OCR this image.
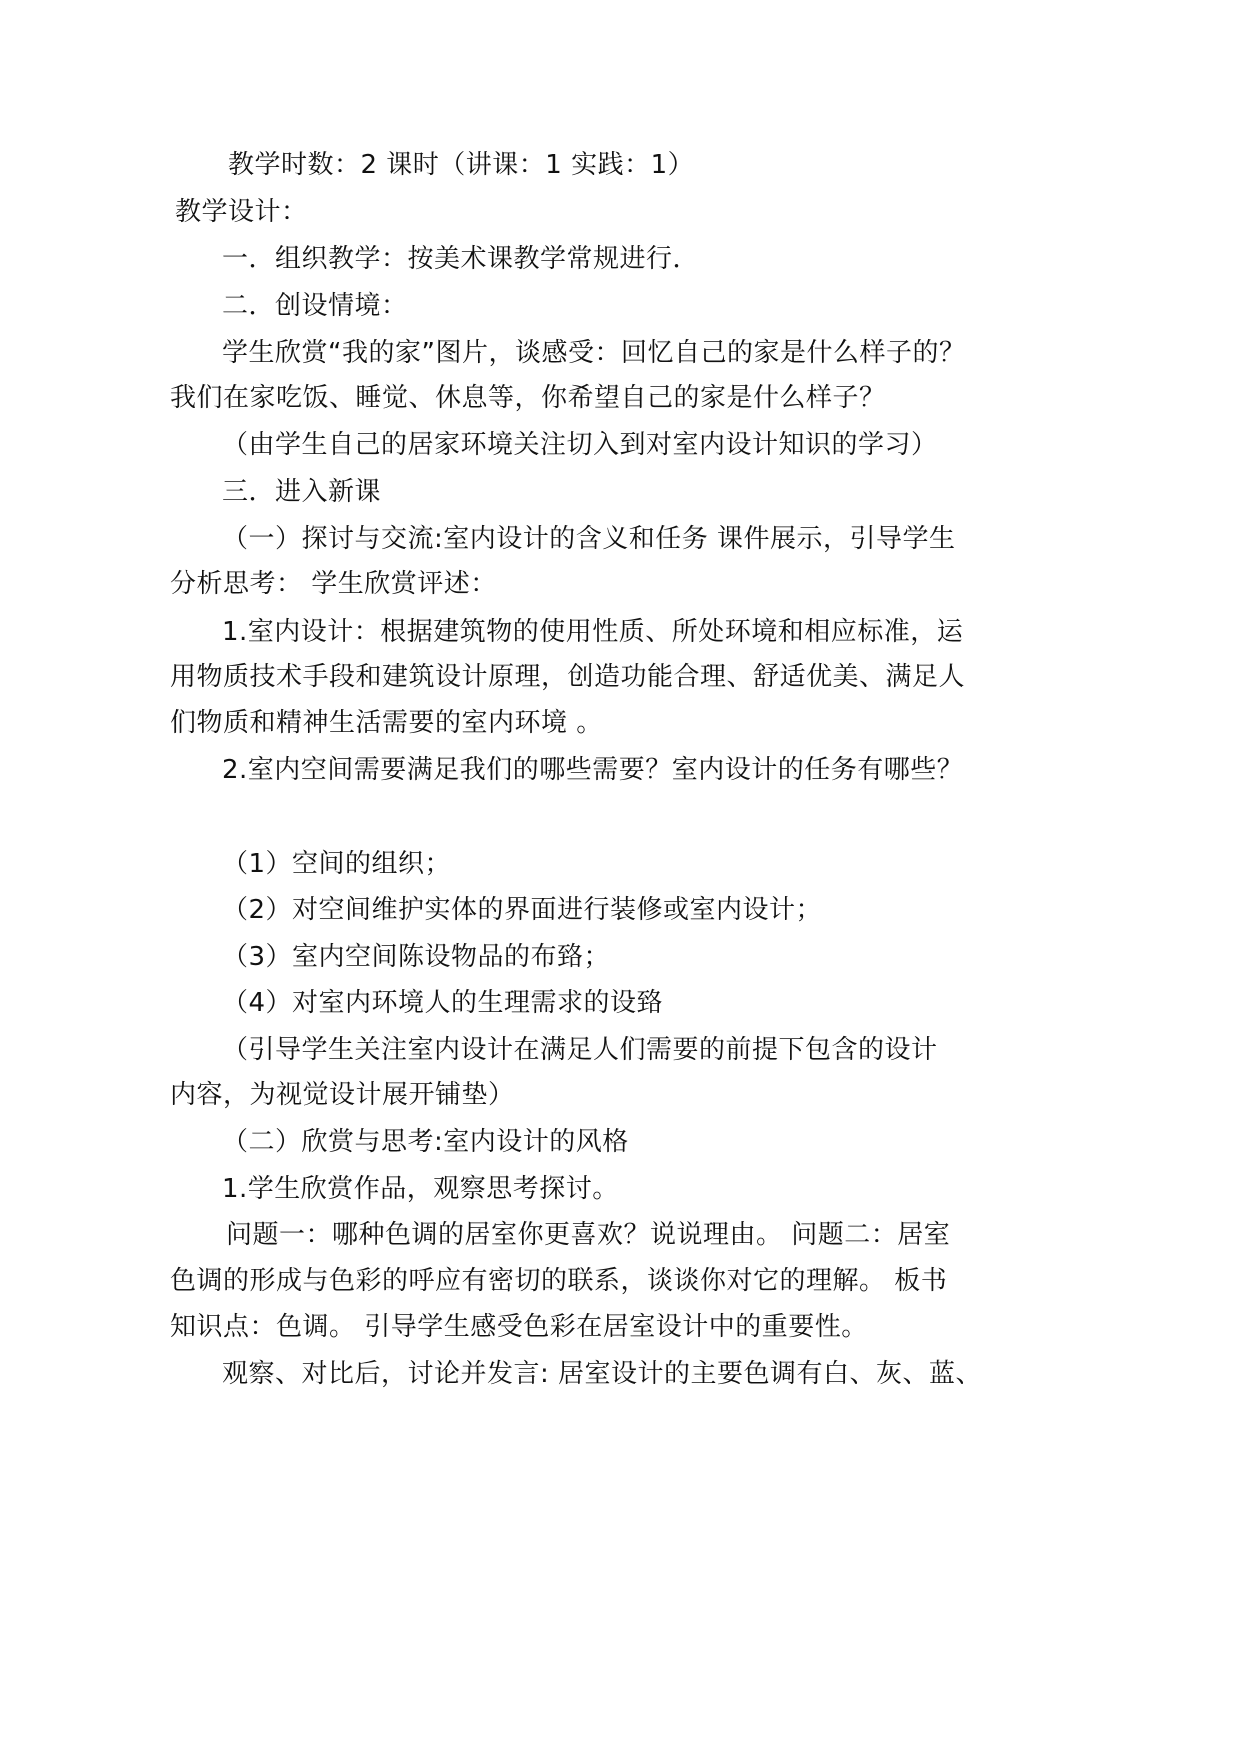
教学时数：2 课时（讲课：1 实践：1）
教学设计：
一．组织教学：按美术课教学常规进行．
二．创设情境：
学生欣赏“我的家”图片，谈感受：回忆自己的家是什么样子的？
我们在家吃饭、睡觉、休息等，你希望自己的家是什么样子？
（由学生自己的居家环境关注切入到对室内设计知识的学习）
三．进入新课
（一）探讨与交流:室内设计的含义和任务 课件展示，引导学生
分析思考： 学生欣赏评述：
1.室内设计：根据建筑物的使用性质、所处环境和相应标准，运
用物质技术手段和建筑设计原理，创造功能合理、舒适优美、满足人
们物质和精神生活需要的室内环境 。
2.室内空间需要满足我们的哪些需要？室内设计的任务有哪些？
（1）空间的组织；
（2）对空间维护实体的界面进行装修或室内设计；
（3）室内空间陈设物品的布臵；
（4）对室内环境人的生理需求的设臵
（引导学生关注室内设计在满足人们需要的前提下包含的设计
内容，为视觉设计展开铺垫）
（二）欣赏与思考:室内设计的风格
1.学生欣赏作品，观察思考探讨。
问题一：哪种色调的居室你更喜欢？说说理由。 问题二：居室
色调的形成与色彩的呼应有密切的联系，谈谈你对它的理解。 板书
知识点：色调。 引导学生感受色彩在居室设计中的重要性。
观察、对比后，讨论并发言: 居室设计的主要色调有白、灰、蓝、
